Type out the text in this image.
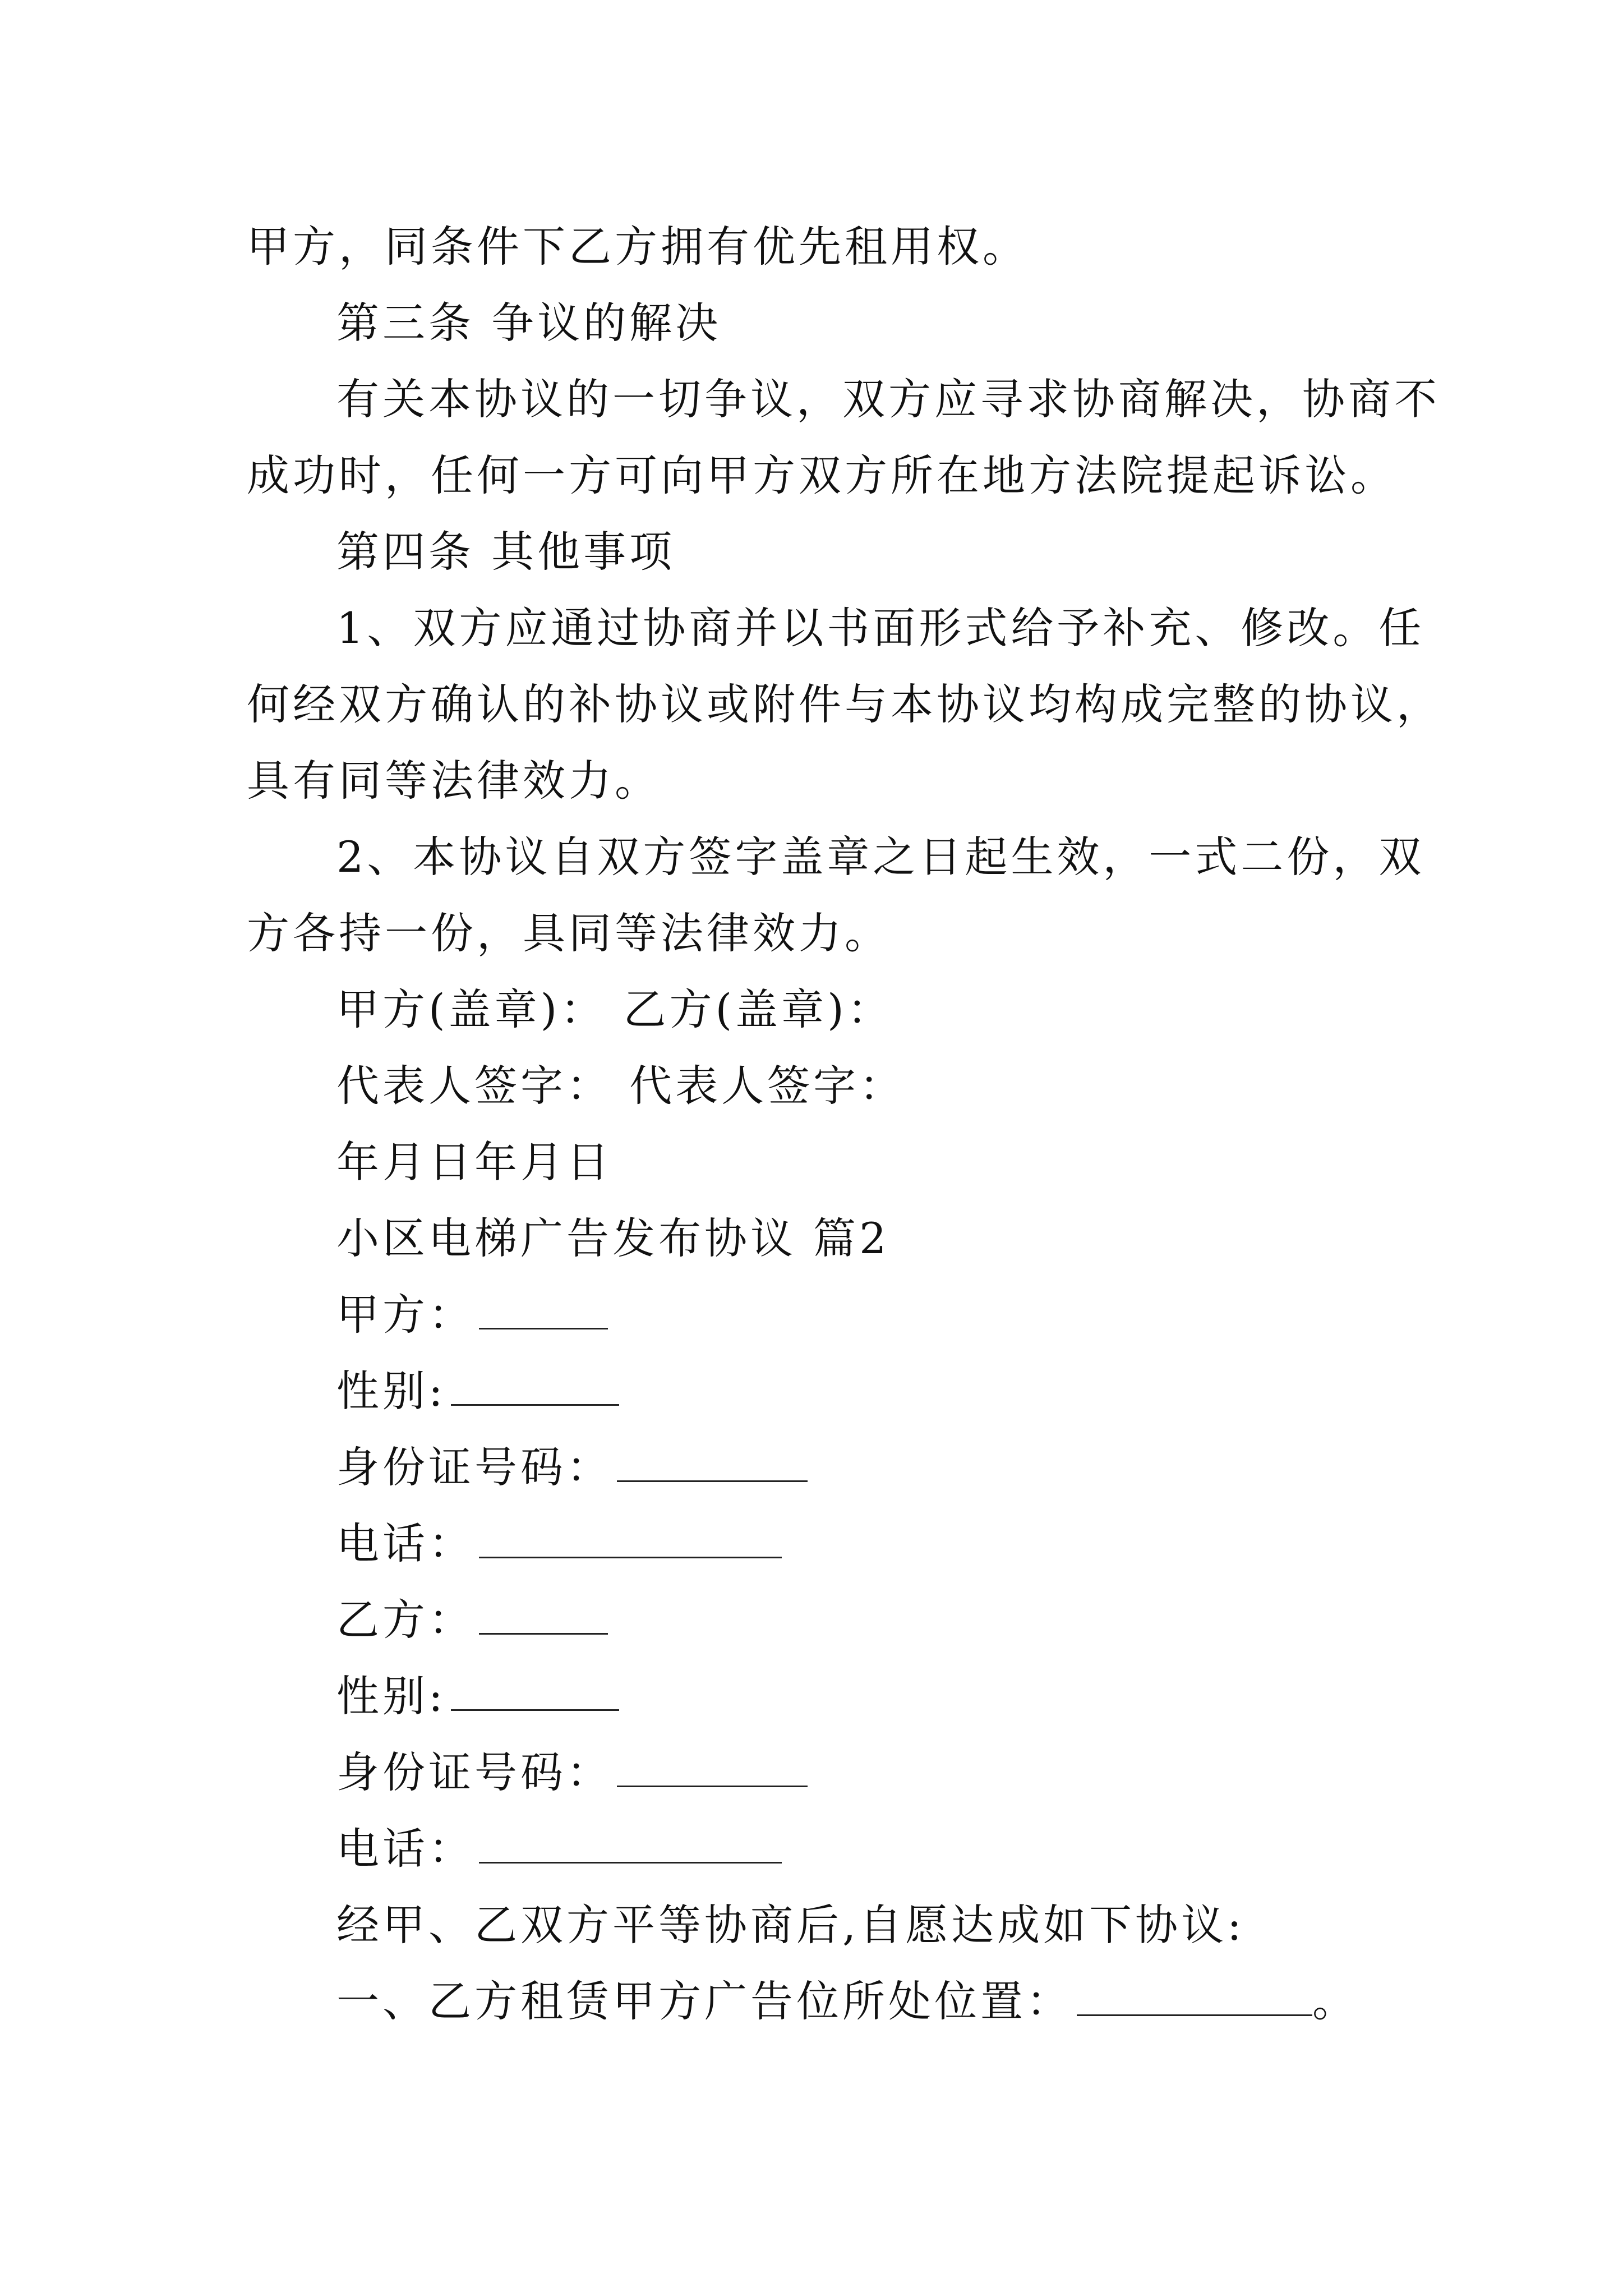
甲方，同条件下乙方拥有优先租用权。
第三条 争议的解决
有关本协议的一切争议，双方应寻求协商解决，协商不
成功时，任何一方可向甲方双方所在地方法院提起诉讼。
第四条 其他事项
1、双方应通过协商并以书面形式给予补充、修改。任
何经双方确认的补协议或附件与本协议均构成完整的协议，
具有同等法律效力。
2、本协议自双方签字盖章之日起生效，一式二份，双
方各持一份，具同等法律效力。
甲方(盖章)： 乙方(盖章)：
代表人签字： 代表人签字：
年月日年月日
小区电梯广告发布协议 篇2
甲方：
性别:
身份证号码：
电话：
乙方：
性别:
身份证号码：
电话：
经甲、乙双方平等协商后,自愿达成如下协议:
一、乙方租赁甲方广告位所处位置：	。
